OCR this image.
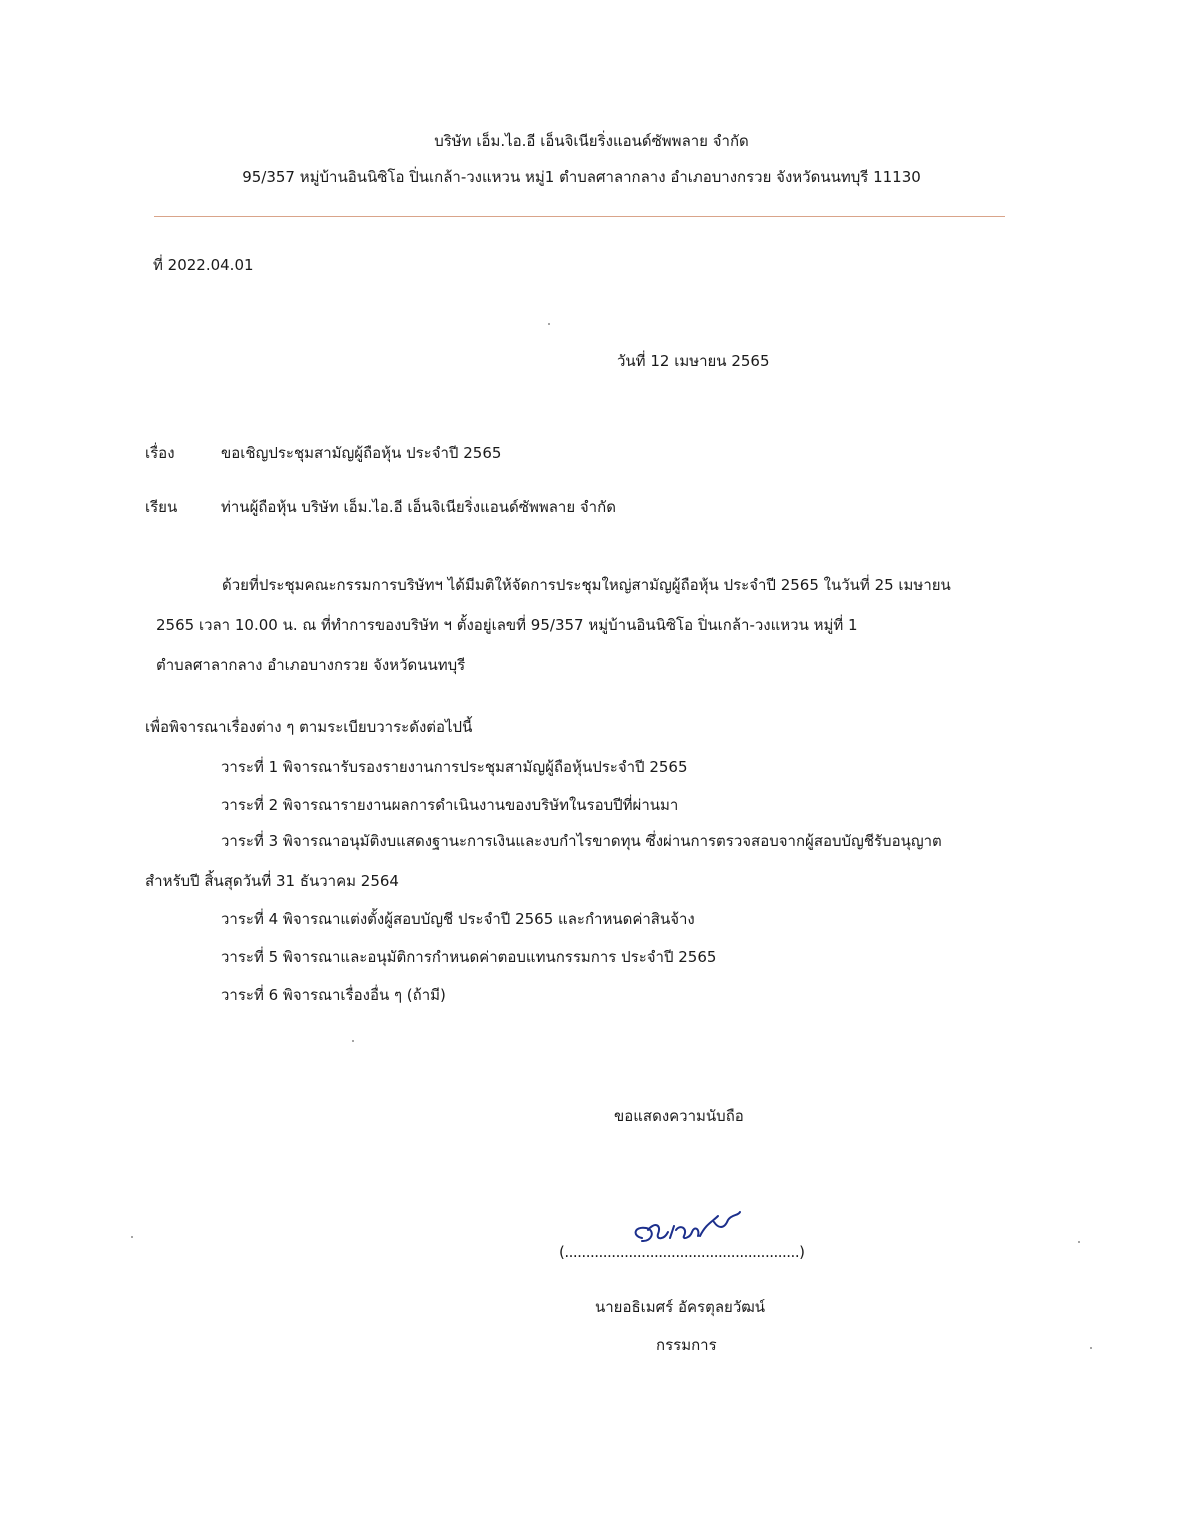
บริษัท เอ็ม.ไอ.อี เอ็นจิเนียริ่งแอนด์ซัพพลาย จำกัด
95/357 หมู่บ้านอินนิซิโอ ปิ่นเกล้า-วงแหวน หมู่1 ตำบลศาลากลาง อำเภอบางกรวย จังหวัดนนทบุรี 11130
ที่ 2022.04.01
วันที่ 12 เมษายน 2565
เรื่อง	ขอเชิญประชุมสามัญผู้ถือหุ้น ประจำปี 2565
เรียน	ท่านผู้ถือหุ้น บริษัท เอ็ม.ไอ.อี เอ็นจิเนียริ่งแอนด์ซัพพลาย จำกัด
ด้วยที่ประชุมคณะกรรมการบริษัทฯ ได้มีมติให้จัดการประชุมใหญ่สามัญผู้ถือหุ้น ประจำปี 2565 ในวันที่ 25 เมษายน
2565 เวลา 10.00 น. ณ ที่ทำการของบริษัท ฯ ตั้งอยู่เลขที่ 95/357 หมู่บ้านอินนิซิโอ ปิ่นเกล้า-วงแหวน หมู่ที่ 1
ตำบลศาลากลาง อำเภอบางกรวย จังหวัดนนทบุรี
เพื่อพิจารณาเรื่องต่าง ๆ ตามระเบียบวาระดังต่อไปนี้
วาระที่ 1 พิจารณารับรองรายงานการประชุมสามัญผู้ถือหุ้นประจำปี 2565
วาระที่ 2 พิจารณารายงานผลการดำเนินงานของบริษัทในรอบปีที่ผ่านมา
วาระที่ 3 พิจารณาอนุมัติงบแสดงฐานะการเงินและงบกำไรขาดทุน ซึ่งผ่านการตรวจสอบจากผู้สอบบัญชีรับอนุญาต
สำหรับปี สิ้นสุดวันที่ 31 ธันวาคม 2564
วาระที่ 4 พิจารณาแต่งตั้งผู้สอบบัญชี ประจำปี 2565 และกำหนดค่าสินจ้าง
วาระที่ 5 พิจารณาและอนุมัติการกำหนดค่าตอบแทนกรรมการ ประจำปี 2565
วาระที่ 6 พิจารณาเรื่องอื่น ๆ (ถ้ามี)
ขอแสดงความนับถือ
(.......................................................)
นายอธิเมศร์ อัครตุลยวัฒน์
กรรมการ
